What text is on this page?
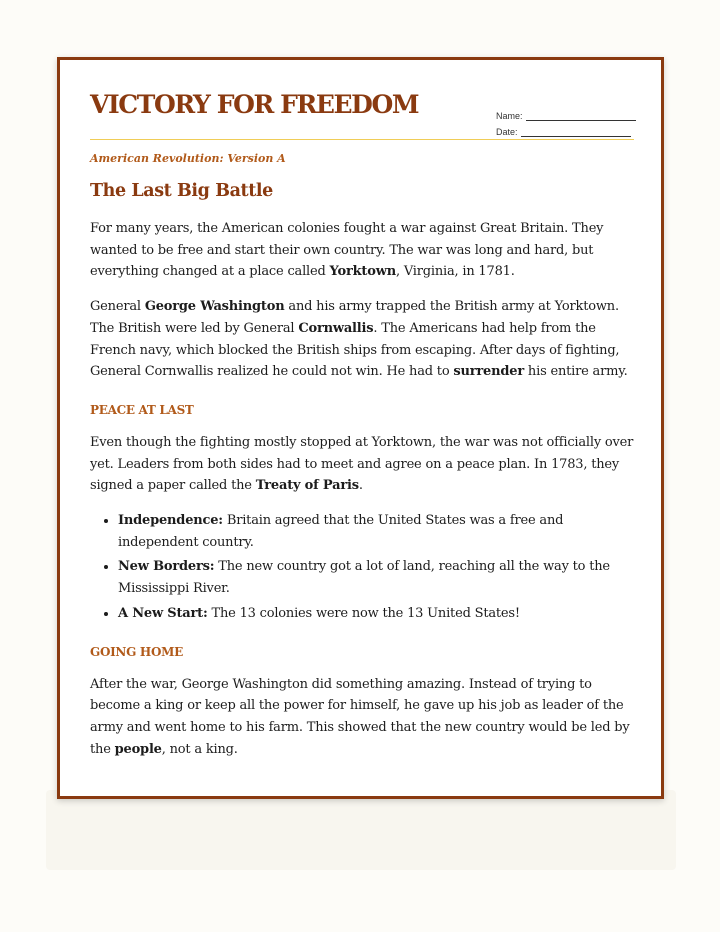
VICTORY FOR FREEDOM	Name:
Date:
American Revolution: Version A
The Last Big Battle

For many years, the American colonies fought a war against Great Britain. They wanted to be free and start their own country. The war was long and hard, but everything changed at a place called Yorktown, Virginia, in 1781.

General George Washington and his army trapped the British army at Yorktown. The British were led by General Cornwallis. The Americans had help from the French navy, which blocked the British ships from escaping. After days of fighting, General Cornwallis realized he could not win. He had to surrender his entire army.

PEACE AT LAST

Even though the fighting mostly stopped at Yorktown, the war was not officially over yet. Leaders from both sides had to meet and agree on a peace plan. In 1783, they signed a paper called the Treaty of Paris.

• Independence: Britain agreed that the United States was a free and independent country.
• New Borders: The new country got a lot of land, reaching all the way to the Mississippi River.
• A New Start: The 13 colonies were now the 13 United States!
GOING HOME

After the war, George Washington did something amazing. Instead of trying to become a king or keep all the power for himself, he gave up his job as leader of the army and went home to his farm. This showed that the new country would be led by the people, not a king.
